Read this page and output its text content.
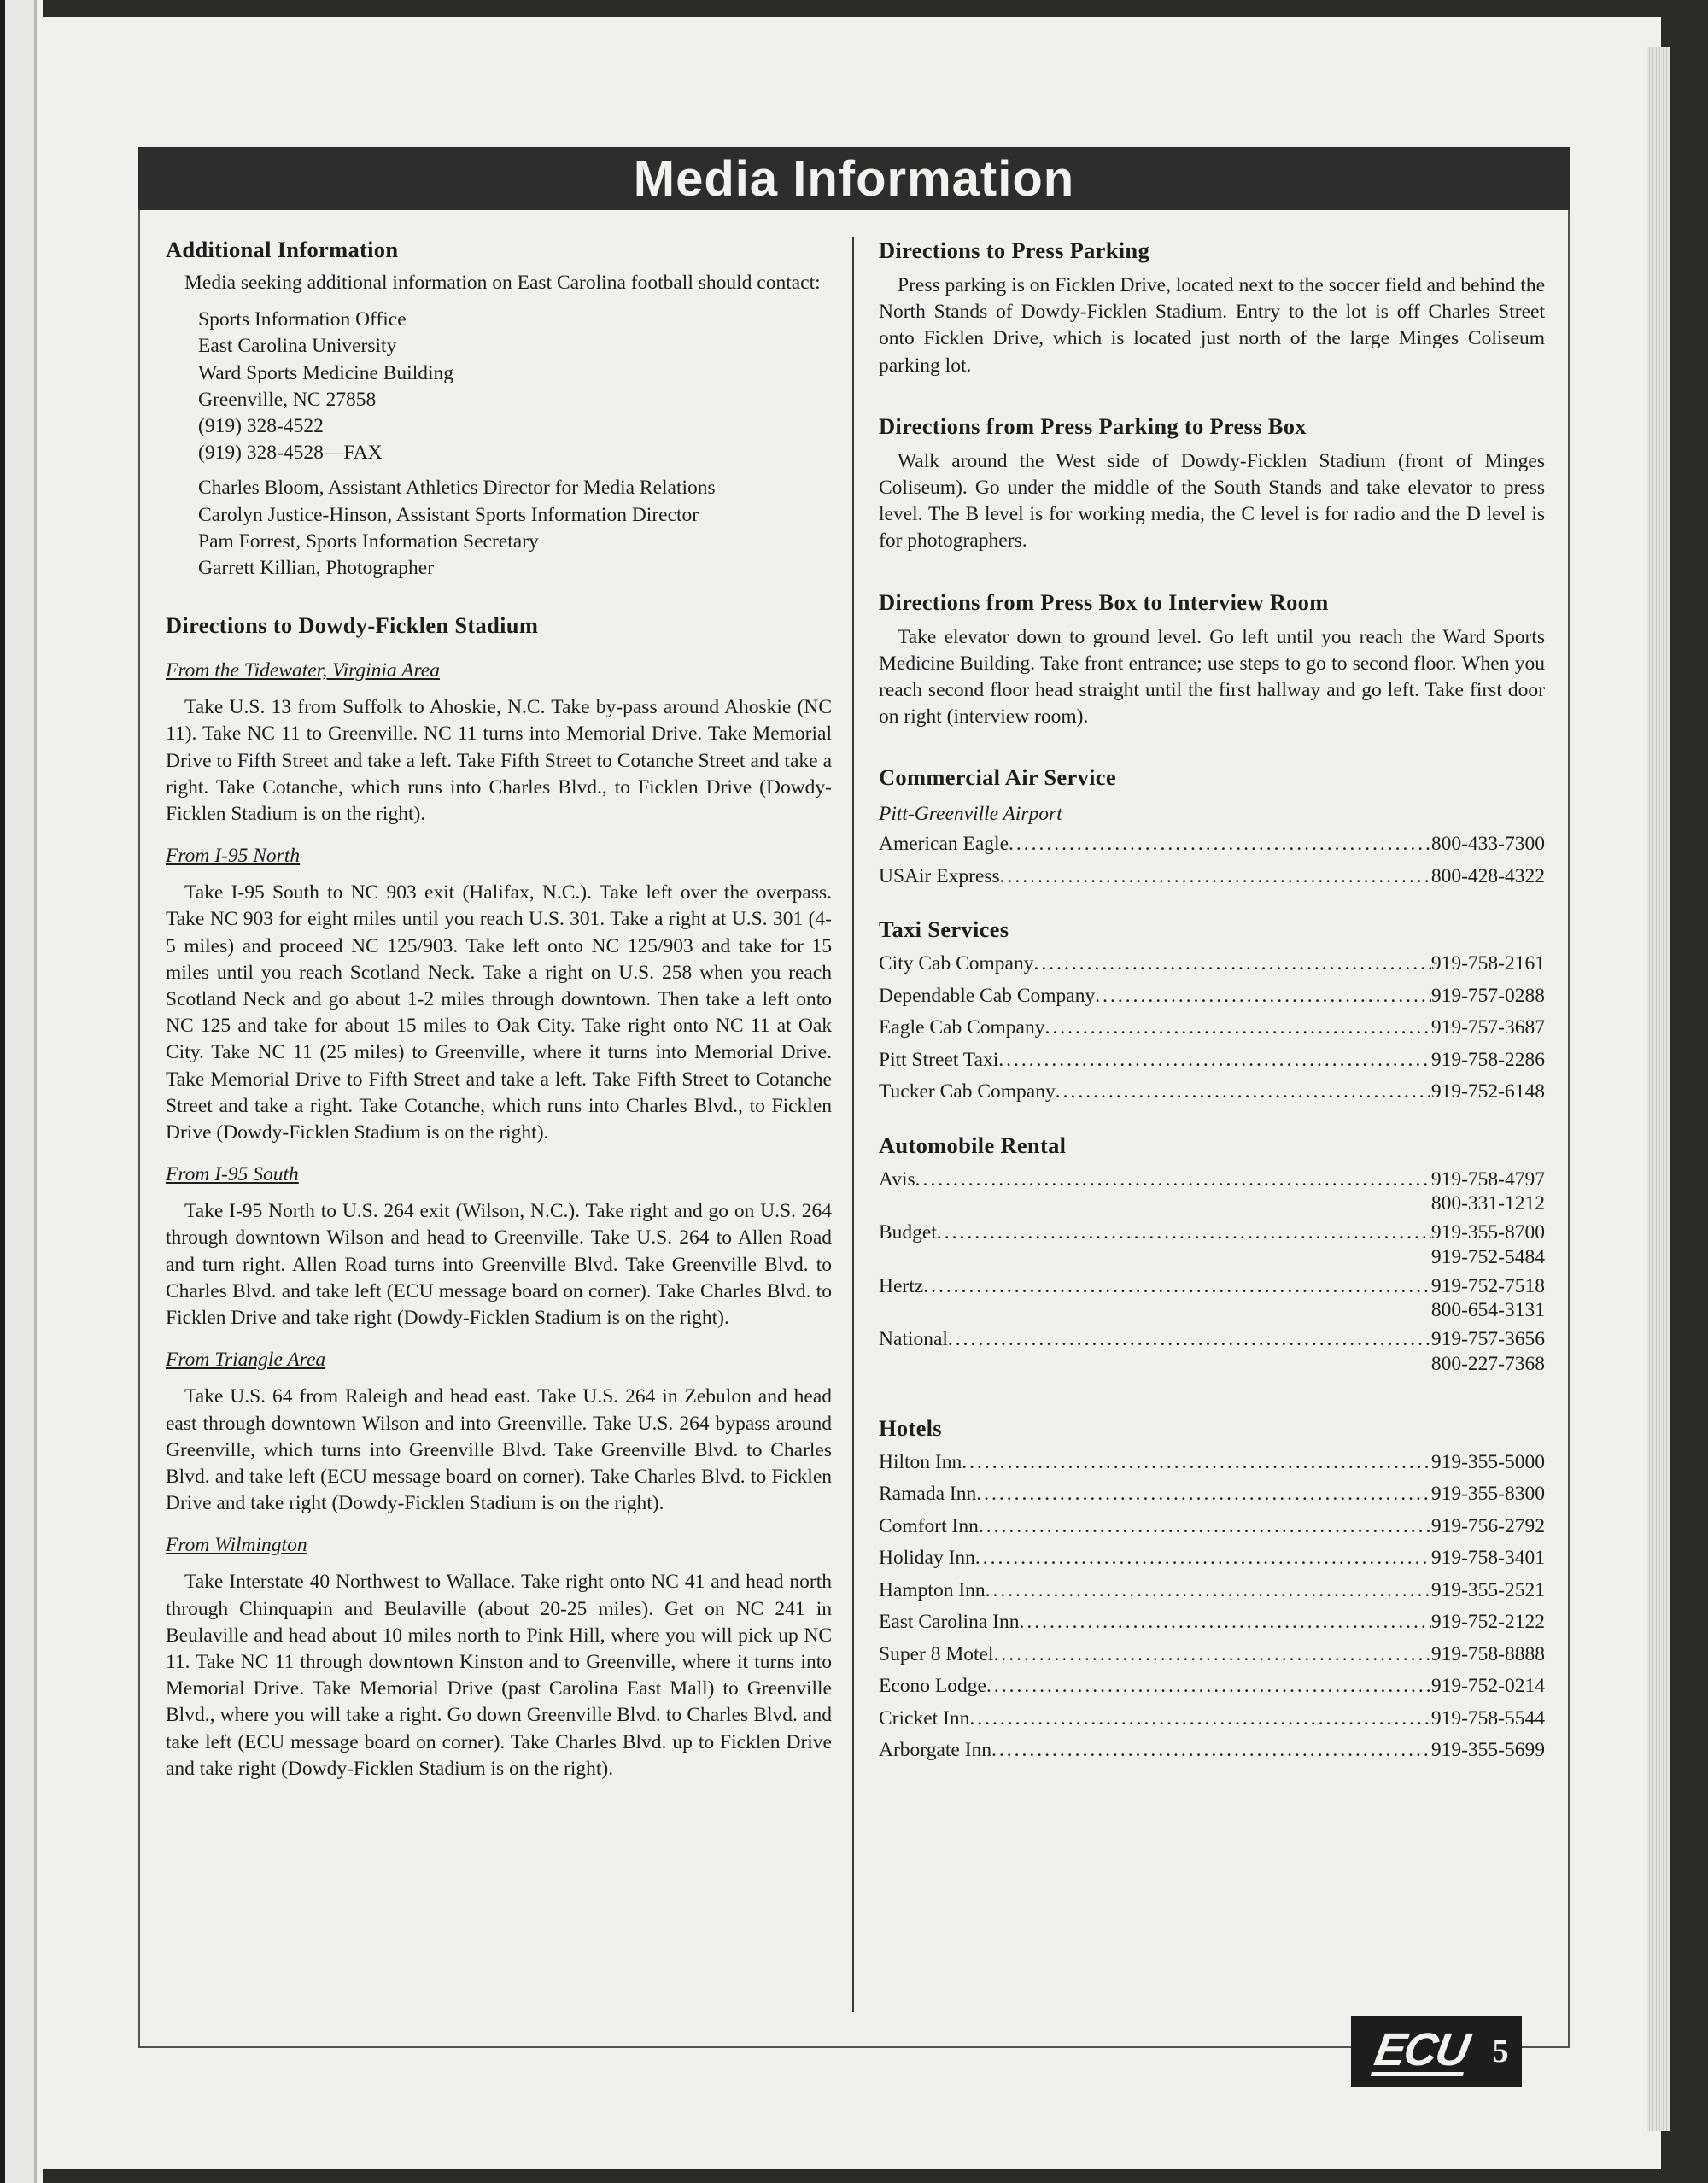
Media Information
Additional Information

Media seeking additional information on East Carolina football should contact:

Sports Information Office
East Carolina University
Ward Sports Medicine Building
Greenville, NC 27858
(919) 328-4522
(919) 328-4528—FAX
Charles Bloom, Assistant Athletics Director for Media Relations
Carolyn Justice-Hinson, Assistant Sports Information Director
Pam Forrest, Sports Information Secretary
Garrett Killian, Photographer
Directions to Dowdy-Ficklen Stadium
From the Tidewater, Virginia Area

Take U.S. 13 from Suffolk to Ahoskie, N.C. Take by-pass around Ahoskie (NC 11). Take NC 11 to Greenville. NC 11 turns into Memorial Drive. Take Memorial Drive to Fifth Street and take a left. Take Fifth Street to Cotanche Street and take a right. Take Cotanche, which runs into Charles Blvd., to Ficklen Drive (Dowdy-Ficklen Stadium is on the right).

From I-95 North

Take I-95 South to NC 903 exit (Halifax, N.C.). Take left over the overpass. Take NC 903 for eight miles until you reach U.S. 301. Take a right at U.S. 301 (4-5 miles) and proceed NC 125/903. Take left onto NC 125/903 and take for 15 miles until you reach Scotland Neck. Take a right on U.S. 258 when you reach Scotland Neck and go about 1-2 miles through downtown. Then take a left onto NC 125 and take for about 15 miles to Oak City. Take right onto NC 11 at Oak City. Take NC 11 (25 miles) to Greenville, where it turns into Memorial Drive. Take Memorial Drive to Fifth Street and take a left. Take Fifth Street to Cotanche Street and take a right. Take Cotanche, which runs into Charles Blvd., to Ficklen Drive (Dowdy-Ficklen Stadium is on the right).

From I-95 South

Take I-95 North to U.S. 264 exit (Wilson, N.C.). Take right and go on U.S. 264 through downtown Wilson and head to Greenville. Take U.S. 264 to Allen Road and turn right. Allen Road turns into Greenville Blvd. Take Greenville Blvd. to Charles Blvd. and take left (ECU message board on corner). Take Charles Blvd. to Ficklen Drive and take right (Dowdy-Ficklen Stadium is on the right).

From Triangle Area

Take U.S. 64 from Raleigh and head east. Take U.S. 264 in Zebulon and head east through downtown Wilson and into Greenville. Take U.S. 264 bypass around Greenville, which turns into Greenville Blvd. Take Greenville Blvd. to Charles Blvd. and take left (ECU message board on corner). Take Charles Blvd. to Ficklen Drive and take right (Dowdy-Ficklen Stadium is on the right).

From Wilmington

Take Interstate 40 Northwest to Wallace. Take right onto NC 41 and head north through Chinquapin and Beulaville (about 20-25 miles). Get on NC 241 in Beulaville and head about 10 miles north to Pink Hill, where you will pick up NC 11. Take NC 11 through downtown Kinston and to Greenville, where it turns into Memorial Drive. Take Memorial Drive (past Carolina East Mall) to Greenville Blvd., where you will take a right. Go down Greenville Blvd. to Charles Blvd. and take left (ECU message board on corner). Take Charles Blvd. up to Ficklen Drive and take right (Dowdy-Ficklen Stadium is on the right).

Directions to Press Parking

Press parking is on Ficklen Drive, located next to the soccer field and behind the North Stands of Dowdy-Ficklen Stadium. Entry to the lot is off Charles Street onto Ficklen Drive, which is located just north of the large Minges Coliseum parking lot.

Directions from Press Parking to Press Box

Walk around the West side of Dowdy-Ficklen Stadium (front of Minges Coliseum). Go under the middle of the South Stands and take elevator to press level. The B level is for working media, the C level is for radio and the D level is for photographers.

Directions from Press Box to Interview Room

Take elevator down to ground level. Go left until you reach the Ward Sports Medicine Building. Take front entrance; use steps to go to second floor. When you reach second floor head straight until the first hallway and go left. Take first door on right (interview room).

Commercial Air Service
Pitt-Greenville Airport
American Eagle .....	800-433-7300
USAir Express .....	800-428-4322
Taxi Services
City Cab Company .....	919-758-2161
Dependable Cab Company .....	919-757-0288
Eagle Cab Company .....	919-757-3687
Pitt Street Taxi .....	919-758-2286
Tucker Cab Company .....	919-752-6148
Automobile Rental
Avis .....	919-758-4797
800-331-1212
Budget .....	919-355-8700
919-752-5484
Hertz .....	919-752-7518
800-654-3131
National .....	919-757-3656
800-227-7368
Hotels
Hilton Inn .....	919-355-5000
Ramada Inn .....	919-355-8300
Comfort Inn .....	919-756-2792
Holiday Inn .....	919-758-3401
Hampton Inn .....	919-355-2521
East Carolina Inn .....	919-752-2122
Super 8 Motel .....	919-758-8888
Econo Lodge .....	919-752-0214
Cricket Inn .....	919-758-5544
Arborgate Inn .....	919-355-5699
ECU 5
